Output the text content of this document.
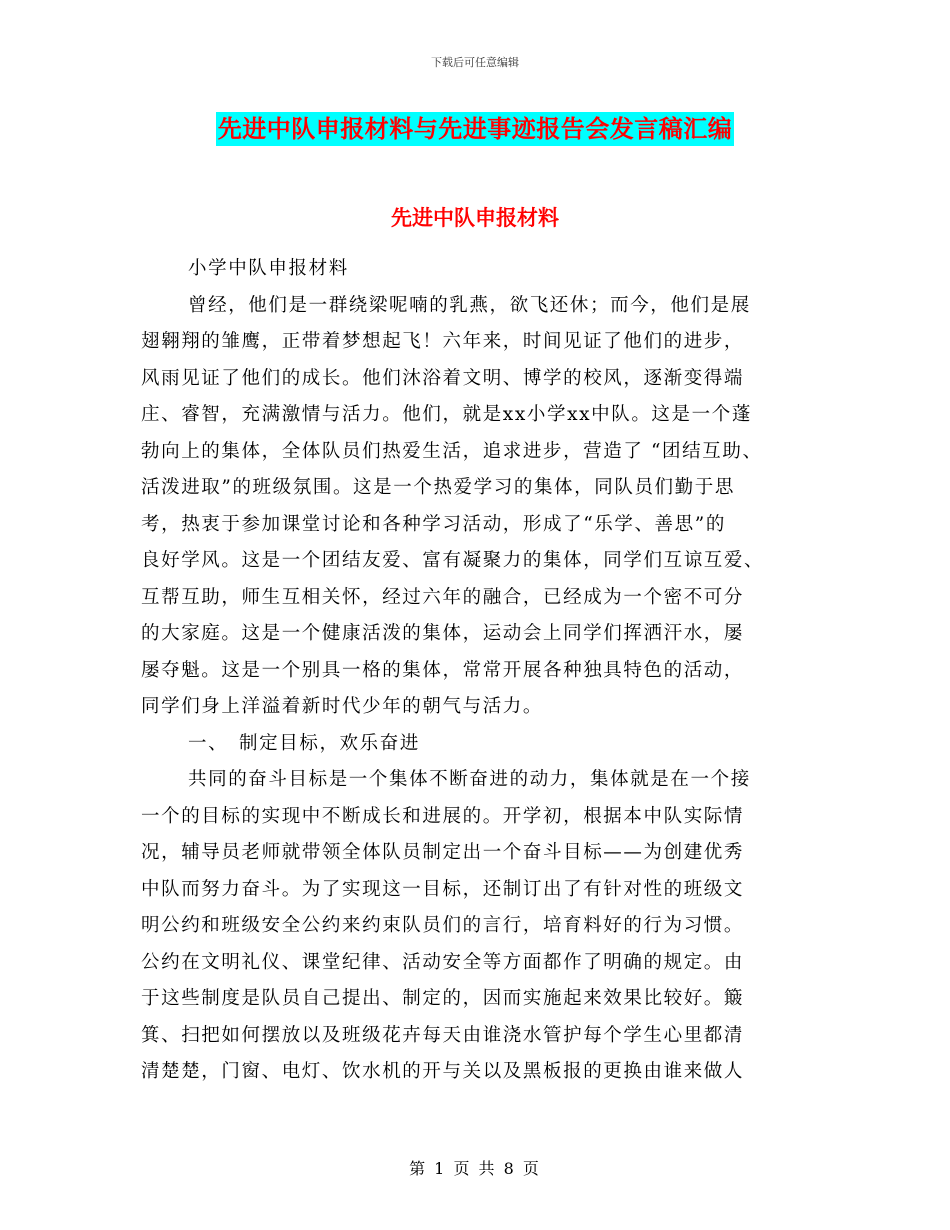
下载后可任意编辑
先进中队申报材料与先进事迹报告会发言稿汇编
先进中队申报材料
小学中队申报材料
曾经，他们是一群绕梁呢喃的乳燕，欲飞还休；而今，他们是展
翅翱翔的雏鹰，正带着梦想起飞！六年来，时间见证了他们的进步，
风雨见证了他们的成长。他们沐浴着文明、博学的校风，逐渐变得端
庄、睿智，充满激情与活力。他们，就是xx小学xx中队。这是一个蓬
勃向上的集体，全体队员们热爱生活，追求进步，营造了 “团结互助、
活泼进取”的班级氛围。这是一个热爱学习的集体，同队员们勤于思
考，热衷于参加课堂讨论和各种学习活动，形成了“乐学、善思”的
良好学风。这是一个团结友爱、富有凝聚力的集体，同学们互谅互爱、
互帮互助，师生互相关怀，经过六年的融合，已经成为一个密不可分
的大家庭。这是一个健康活泼的集体，运动会上同学们挥洒汗水，屡
屡夺魁。这是一个别具一格的集体，常常开展各种独具特色的活动，
同学们身上洋溢着新时代少年的朝气与活力。
一、　制定目标，欢乐奋进
共同的奋斗目标是一个集体不断奋进的动力，集体就是在一个接
一个的目标的实现中不断成长和进展的。开学初，根据本中队实际情
况，辅导员老师就带领全体队员制定出一个奋斗目标——为创建优秀
中队而努力奋斗。为了实现这一目标，还制订出了有针对性的班级文
明公约和班级安全公约来约束队员们的言行，培育料好的行为习惯。
公约在文明礼仪、课堂纪律、活动安全等方面都作了明确的规定。由
于这些制度是队员自己提出、制定的，因而实施起来效果比较好。簸
箕、扫把如何摆放以及班级花卉每天由谁浇水管护每个学生心里都清
清楚楚，门窗、电灯、饮水机的开与关以及黑板报的更换由谁来做人
第 1 页 共 8 页
